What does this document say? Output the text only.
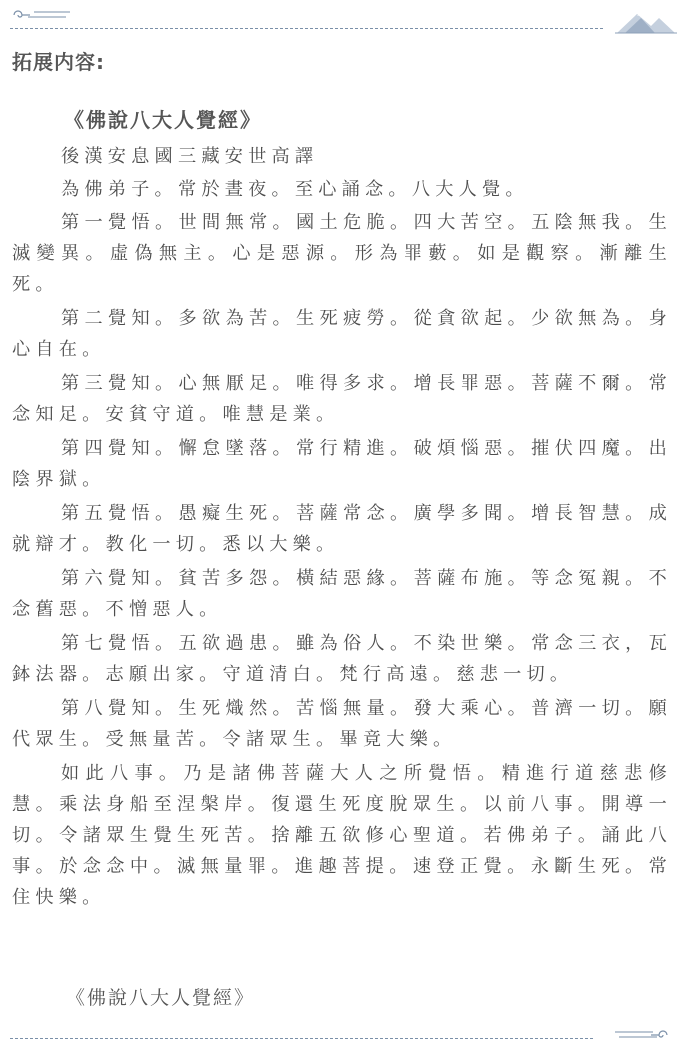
拓展内容:
《佛說八大人覺經》

後漢安息國三藏安世高譯

為佛弟子。常於晝夜。至心誦念。八大人覺。

第一覺悟。世間無常。國土危脆。四大苦空。五陰無我。生滅變異。虛偽無主。心是惡源。形為罪藪。如是觀察。漸離生死。

第二覺知。多欲為苦。生死疲勞。從貪欲起。少欲無為。身心自在。

第三覺知。心無厭足。唯得多求。增長罪惡。菩薩不爾。常念知足。安貧守道。唯慧是業。

第四覺知。懈怠墜落。常行精進。破煩惱惡。摧伏四魔。出陰界獄。

第五覺悟。愚癡生死。菩薩常念。廣學多聞。增長智慧。成就辯才。教化一切。悉以大樂。

第六覺知。貧苦多怨。橫結惡緣。菩薩布施。等念冤親。不念舊惡。不憎惡人。

第七覺悟。五欲過患。雖為俗人。不染世樂。常念三衣，瓦鉢法器。志願出家。守道清白。梵行高遠。慈悲一切。

第八覺知。生死熾然。苦惱無量。發大乘心。普濟一切。願代眾生。受無量苦。令諸眾生。畢竟大樂。

如此八事。乃是諸佛菩薩大人之所覺悟。精進行道慈悲修慧。乘法身船至涅槃岸。復還生死度脫眾生。以前八事。開導一切。令諸眾生覺生死苦。捨離五欲修心聖道。若佛弟子。誦此八事。於念念中。滅無量罪。進趣菩提。速登正覺。永斷生死。常住快樂。

《佛說八大人覺經》
